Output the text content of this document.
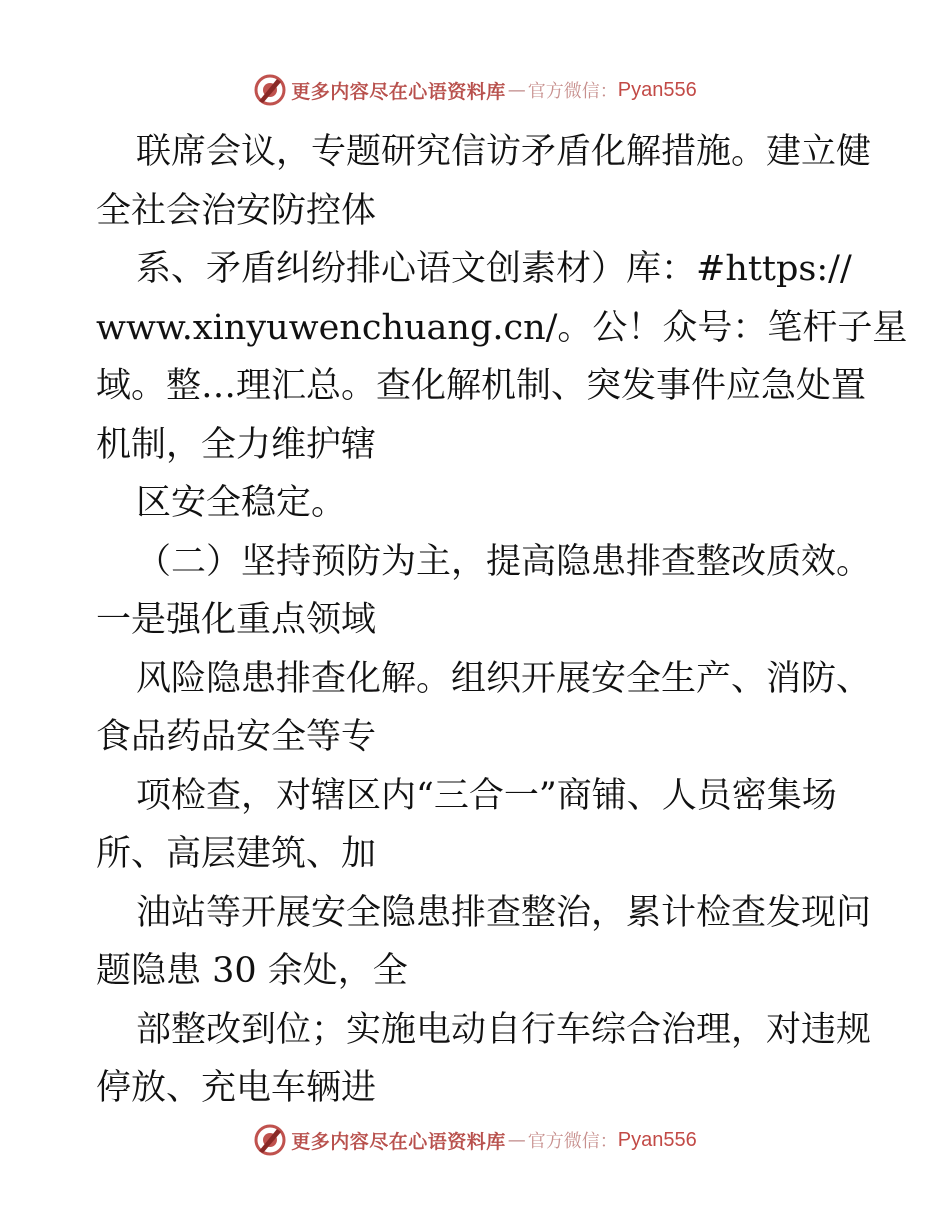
更多内容尽在心语资料库 — 官方微信： Pyan556
联席会议，专题研究信访矛盾化解措施。建立健
全社会治安防控体
系、矛盾纠纷排心语文创素材）库：#https://
www.xinyuwenchuang.cn/。公！众号：笔杆子星
域。整…理汇总。查化解机制、突发事件应急处置
机制，全力维护辖
区安全稳定。
（二）坚持预防为主，提高隐患排查整改质效。
一是强化重点领域
风险隐患排查化解。组织开展安全生产、消防、
食品药品安全等专
项检查，对辖区内“三合一”商铺、人员密集场
所、高层建筑、加
油站等开展安全隐患排查整治，累计检查发现问
题隐患 30 余处，全
部整改到位；实施电动自行车综合治理，对违规
停放、充电车辆进
更多内容尽在心语资料库 — 官方微信： Pyan556
